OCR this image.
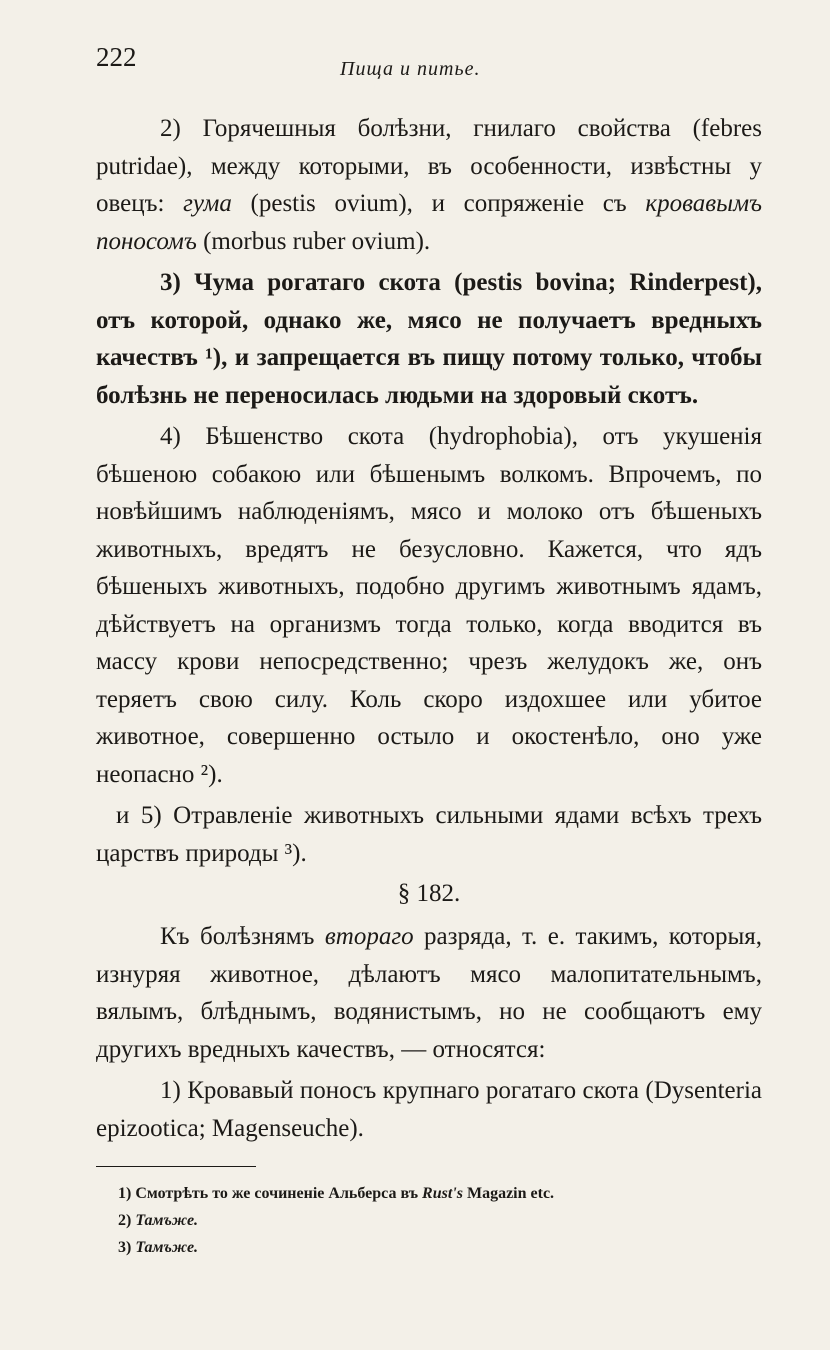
222	Пища и питье.

2) Горячешныя болѣзни, гнилаго свойства (febres putridae), между которыми, въ особенности, извѣстны у овецъ: гума (pestis ovium), и сопряженіе съ кровавымъ поносомъ (morbus ruber ovium).

3) Чума рогатаго скота (pestis bovina; Rinderpest), отъ которой, однако же, мясо не получаетъ вредныхъ качествъ ¹), и запрещается въ пищу потому только, чтобы болѣзнь не переносилась людьми на здоровый скотъ.

4) Бѣшенство скота (hydrophobia), отъ укушенія бѣшеною собакою или бѣшенымъ волкомъ. Впрочемъ, по новѣйшимъ наблюденіямъ, мясо и молоко отъ бѣшеныхъ животныхъ, вредятъ не безусловно. Кажется, что ядъ бѣшеныхъ животныхъ, подобно другимъ животнымъ ядамъ, дѣйствуетъ на организмъ тогда только, когда вводится въ массу крови непосредственно; чрезъ желудокъ же, онъ теряетъ свою силу. Коль скоро издохшее или убитое животное, совершенно остыло и окостенѣло, оно уже неопасно ²).

и 5) Отравленіе животныхъ сильными ядами всѣхъ трехъ царствъ природы ³).

§ 182.

Къ болѣзнямъ втораго разряда, т. е. такимъ, которыя, изнуряя животное, дѣлаютъ мясо малопитательнымъ, вялымъ, блѣднымъ, водянистымъ, но не сообщаютъ ему другихъ вредныхъ качествъ, — относятся:

1) Кровавый поносъ крупнаго рогатаго скота (Dysenteria epizootica; Magenseuche).

1) Смотрѣть то же сочиненіе Альберса въ Rust's Magazin etc.
2) Тамъже.
3) Тамъже.
